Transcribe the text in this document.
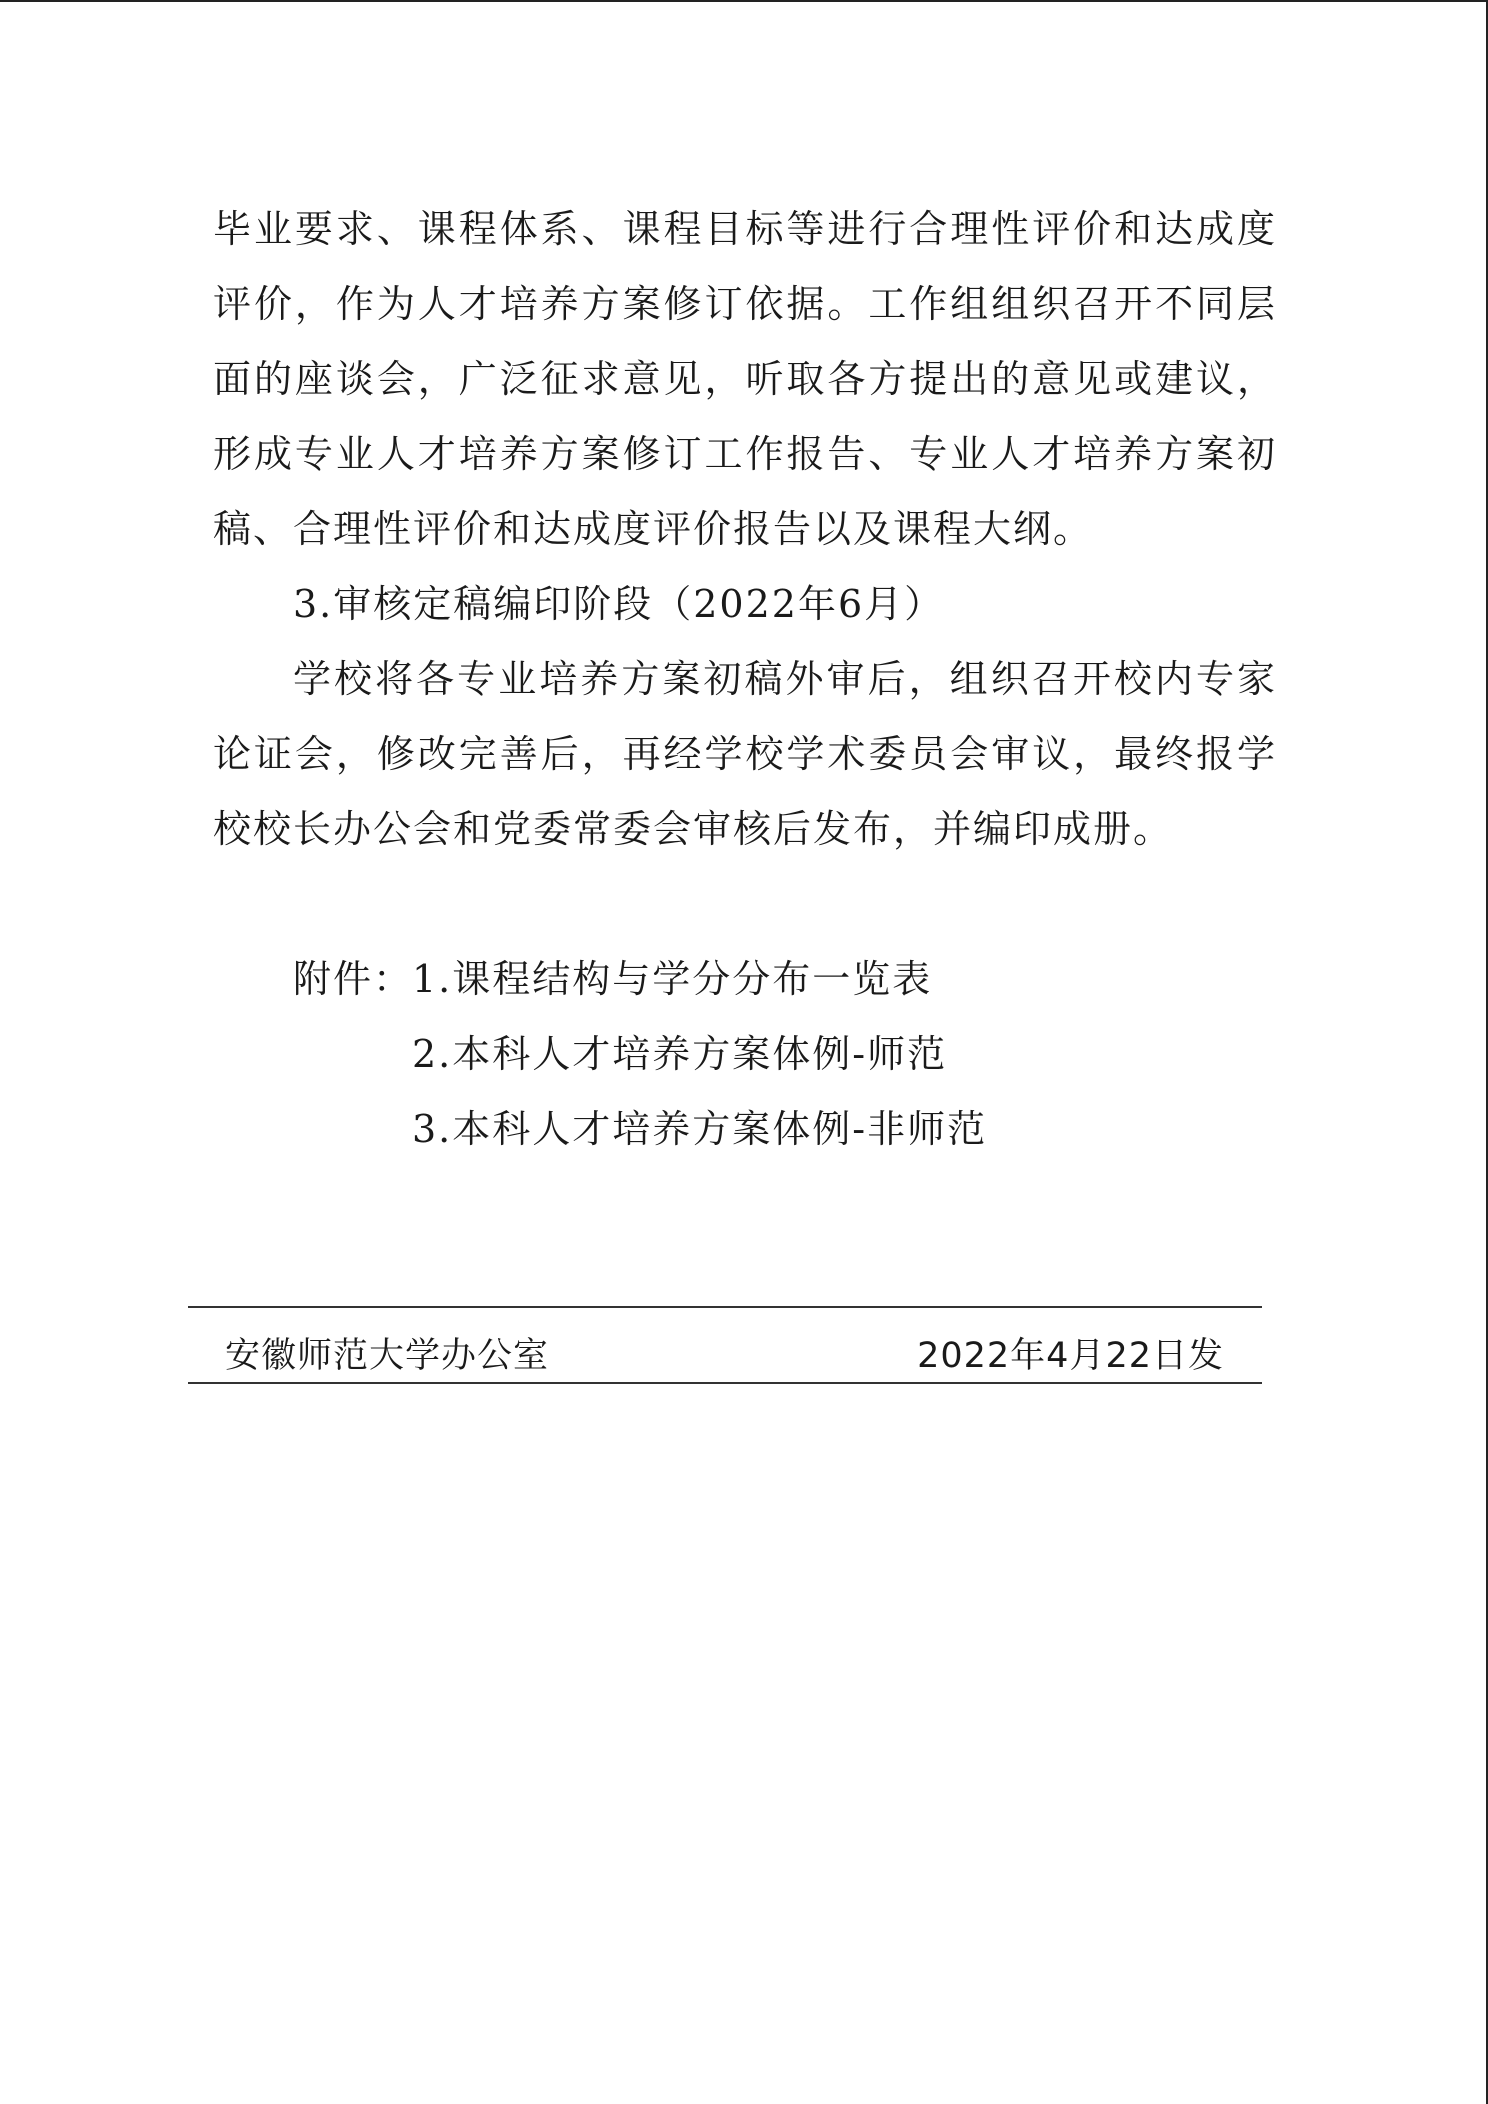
毕业要求、课程体系、课程目标等进行合理性评价和达成度评价，作为人才培养方案修订依据。工作组组织召开不同层面的座谈会，广泛征求意见，听取各方提出的意见或建议，形成专业人才培养方案修订工作报告、专业人才培养方案初稿、合理性评价和达成度评价报告以及课程大纲。

3.审核定稿编印阶段（2022年6月）

学校将各专业培养方案初稿外审后，组织召开校内专家论证会，修改完善后，再经学校学术委员会审议，最终报学校校长办公会和党委常委会审核后发布，并编印成册。

附件：
1.课程结构与学分分布一览表
2.本科人才培养方案体例-师范
3.本科人才培养方案体例-非师范
安徽师范大学办公室	2022年4月22日发
